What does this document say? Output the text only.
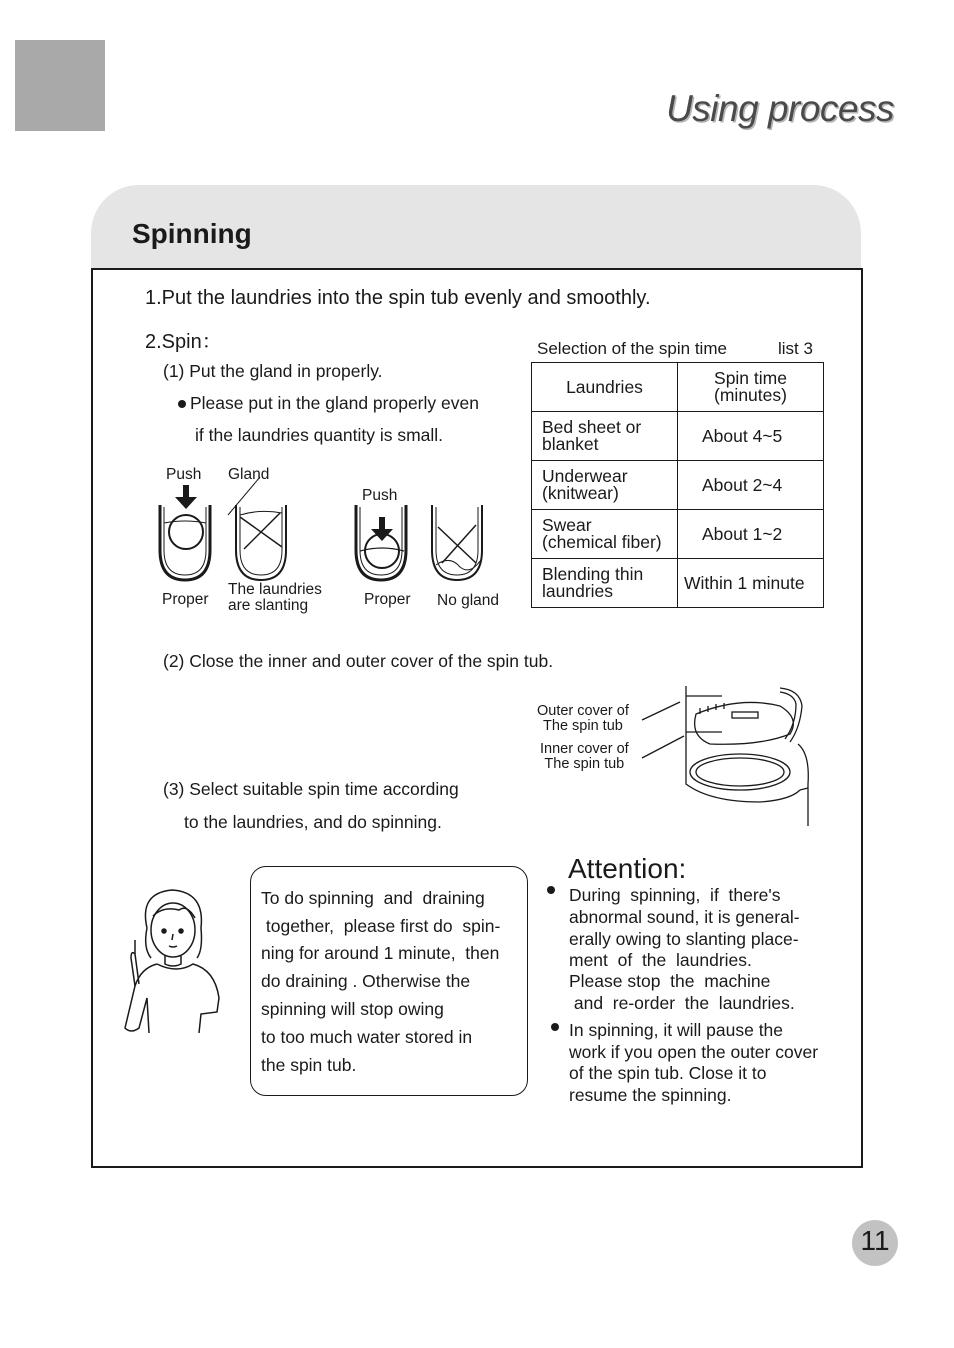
Using process
Spinning
1.Put the laundries into the spin tub evenly and smoothly.
2.Spin：
(1) Put the gland in properly.
Please put in the gland properly even
if the laundries quantity is small.
Push Gland
Push
Proper
The laundries
are slanting	Proper No gland
Selection of the spin time	list 3
Laundries	Spin time
(minutes)

Bed sheet or
blanket	About 4~5

Underwear
(knitwear)	About 2~4

Swear
(chemical fiber)	About 1~2

Blending thin
laundries	Within 1 minute
(2) Close the inner and outer cover of the spin tub.
(3) Select suitable spin time according
to the laundries, and do spinning.
Outer cover of
The spin tub
Inner cover of
The spin tub
To do spinning  and  draining
together,  please first do  spin-
ning for around 1 minute,  then
do draining . Otherwise the
spinning will stop owing
to too much water stored in
the spin tub.
Attention:
During  spinning,  if  there's
abnormal sound, it is general-
erally owing to slanting place-
ment  of  the  laundries.
Please stop  the  machine
and  re-order  the  laundries.
In spinning, it will pause the
work if you open the outer cover
of the spin tub. Close it to
resume the spinning.
11
